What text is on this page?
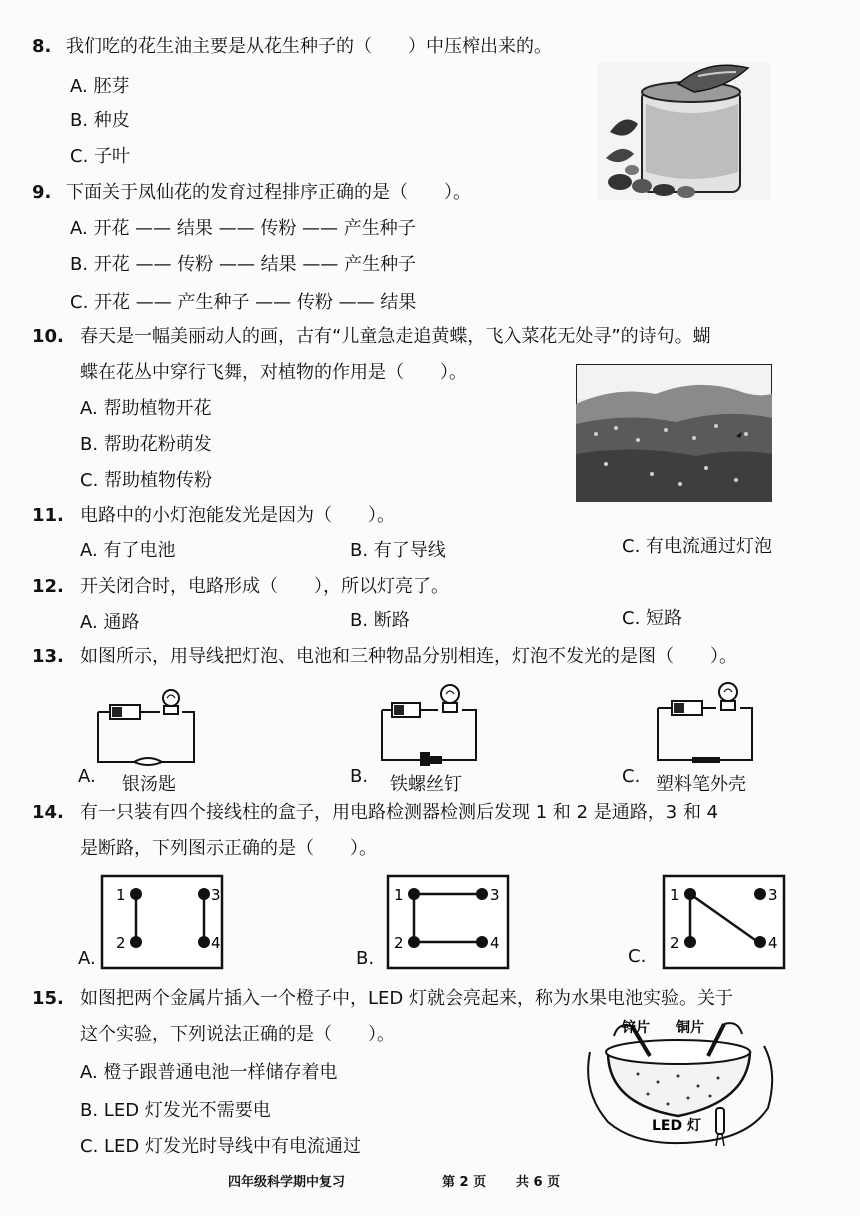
8. 我们吃的花生油主要是从花生种子的（　　）中压榨出来的。
A. 胚芽
B. 种皮
C. 子叶
9. 下面关于凤仙花的发育过程排序正确的是（　　）。
A. 开花 —— 结果 —— 传粉 —— 产生种子
B. 开花 —— 传粉 —— 结果 —— 产生种子
C. 开花 —— 产生种子 —— 传粉 —— 结果
10. 春天是一幅美丽动人的画，古有“儿童急走追黄蝶，飞入菜花无处寻”的诗句。蝴
蝶在花丛中穿行飞舞，对植物的作用是（　　）。
A. 帮助植物开花
B. 帮助花粉萌发
C. 帮助植物传粉
11. 电路中的小灯泡能发光是因为（　　）。
A. 有了电池	B. 有了导线	C. 有电流通过灯泡
12. 开关闭合时，电路形成（　　），所以灯亮了。
A. 通路	B. 断路	C. 短路
13. 如图所示，用导线把灯泡、电池和三种物品分别相连，灯泡不发光的是图（　　）。
A. 银汤匙	B. 铁螺丝钉	C. 塑料笔外壳
14. 有一只装有四个接线柱的盒子，用电路检测器检测后发现 1 和 2 是通路，3 和 4
是断路，下列图示正确的是（　　）。
1
2
3
4
A.
1
2
3
4
B.
1
2
3
4
C.
15. 如图把两个金属片插入一个橙子中，LED 灯就会亮起来，称为水果电池实验。关于
这个实验，下列说法正确的是（　　）。
A. 橙子跟普通电池一样储存着电
B. LED 灯发光不需要电
C. LED 灯发光时导线中有电流通过
锌片 铜片
LED 灯
四年级科学期中复习	第 2 页 共 6 页
